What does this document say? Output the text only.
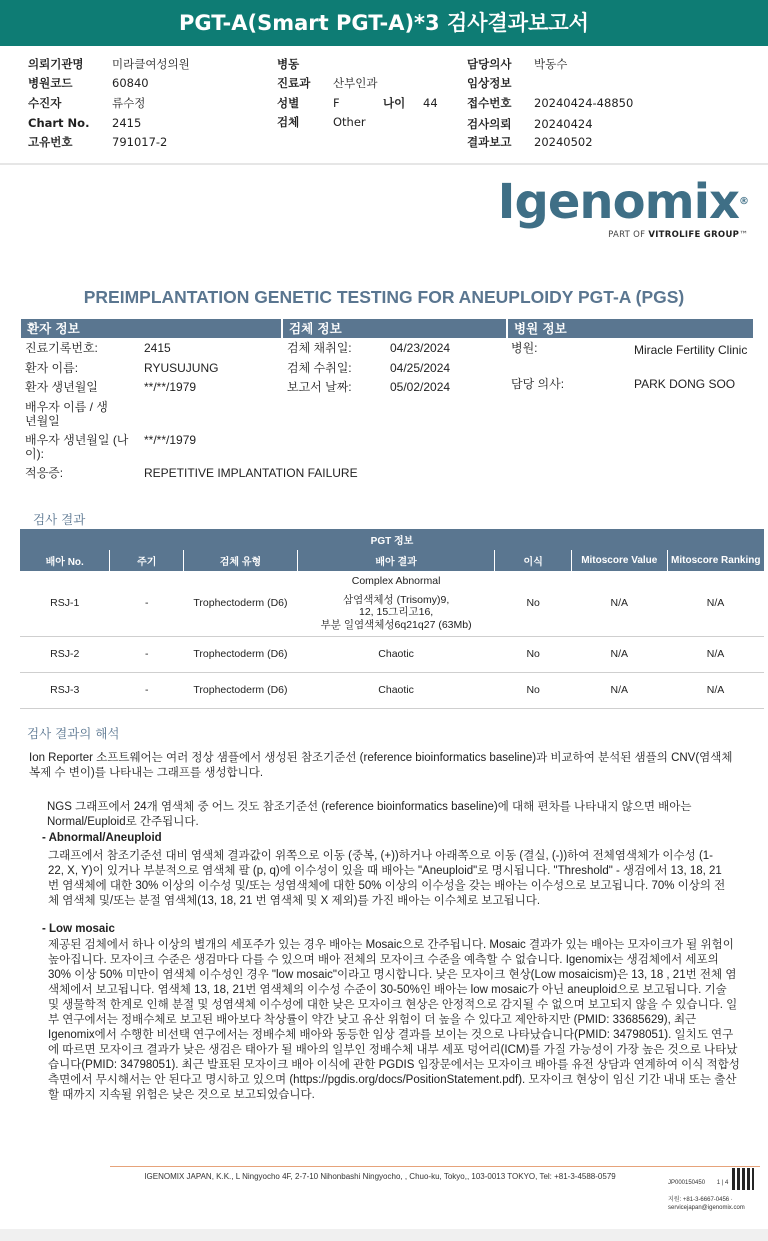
PGT-A(Smart PGT-A)*3 검사결과보고서
의뢰기관명 미라클여성의원
병원코드	60840
수진자	류수정
Chart No. 2415
고유번호	791017-2
병동
진료과 산부인과
성별	F	나이 44
검체	Other
담당의사 박동수
임상정보
접수번호 20240424-48850
검사의뢰 20240424
결과보고 20240502
Igenomix®
PART OF VITROLIFE GROUP™
PREIMPLANTATION GENETIC TESTING FOR ANEUPLOIDY PGT-A (PGS)
환자 정보	검체 정보	병원 정보
진료기록번호:	2415
환자 이름:	RYUSUJUNG
환자 생년월일	**/**/1979
배우자 이름 / 생년월일
배우자 생년월일 (나이):
**/**/1979
적응증:	REPETITIVE IMPLANTATION FAILURE
검체 채취일:	04/23/2024
검체 수취일:	04/25/2024
보고서 날짜:	05/02/2024
병원:	Miracle Fertility Clinic
담당 의사:	PARK DONG SOO
검사 결과
PGT 정보						
배아 No.	주기	검체 유형	배아 결과	이식	Mitoscore Value	Mitoscore Ranking
RSJ-1	-	Trophectoderm (D6)	Complex Abnormal
삼염색체성 (Trisomy)9, 12, 15그리고16,
부분 일염색체성6q21q27 (63Mb)	No	N/A	N/A
RSJ-2	-	Trophectoderm (D6)	Chaotic	No	N/A	N/A
RSJ-3	-	Trophectoderm (D6)	Chaotic	No	N/A	N/A
검사 결과의 해석
Ion Reporter 소프트웨어는 여러 정상 샘플에서 생성된 참조기준선 (reference bioinformatics baseline)과 비교하여 분석된 샘플의 CNV(염색체 복제 수 변이)를 나타내는 그래프를 생성합니다.
NGS 그래프에서 24개 염색체 중 어느 것도 참조기준선 (reference bioinformatics baseline)에 대해 편차를 나타내지 않으면 배아는 Normal/Euploid로 간주됩니다.
- Abnormal/Aneuploid
그래프에서 참조기준선 대비 염색체 결과값이 위쪽으로 이동 (중복, (+))하거나 아래쪽으로 이동 (결실, (-))하여 전체염색체가 이수성 (1-22, X, Y)이 있거나 부분적으로 염색체 팔 (p, q)에 이수성이 있을 때 배아는 "Aneuploid"로 명시됩니다. "Threshold" - 생검에서 13, 18, 21 번 염색체에 대한 30% 이상의 이수성 및/또는 성염색체에 대한 50% 이상의 이수성을 갖는 배아는 이수성으로 보고됩니다. 70% 이상의 전체 염색체 및/또는 분절 염색체(13, 18, 21 번 염색체 및 X 제외)를 가진 배아는 이수체로 보고됩니다.
- Low mosaic
제공된 검체에서 하나 이상의 별개의 세포주가 있는 경우 배아는 Mosaic으로 간주됩니다. Mosaic 결과가 있는 배아는 모자이크가 될 위험이 높아집니다. 모자이크 수준은 생검마다 다를 수 있으며 배아 전체의 모자이크 수준을 예측할 수 없습니다. Igenomix는 생검체에서 세포의 30% 이상 50% 미만이 염색체 이수성인 경우 "low mosaic"이라고 명시합니다. 낮은 모자이크 현상(Low mosaicism)은 13, 18 , 21번 전체 염색체에서 보고됩니다. 염색체 13, 18, 21번 염색체의 이수성 수준이 30-50%인 배아는 low mosaic가 아닌 aneuploid으로 보고됩니다. 기술 및 생물학적 한계로 인해 분절 및 성염색체 이수성에 대한 낮은 모자이크 현상은 안정적으로 감지될 수 없으며 보고되지 않을 수 있습니다. 일부 연구에서는 정배수체로 보고된 배아보다 착상률이 약간 낮고 유산 위험이 더 높을 수 있다고 제안하지만 (PMID: 33685629), 최근 Igenomix에서 수행한 비선택 연구에서는 정배수체 배아와 동등한 임상 결과를 보이는 것으로 나타났습니다(PMID: 34798051). 일치도 연구에 따르면 모자이크 결과가 낮은 생검은 태아가 될 배아의 일부인 정배수체 내부 세포 덩어리(ICM)를 가질 가능성이 가장 높은 것으로 나타났습니다(PMID: 34798051). 최근 발표된 모자이크 배아 이식에 관한 PGDIS 입장문에서는 모자이크 배아를 유전 상담과 연계하여 이식 적합성 측면에서 무시해서는 안 된다고 명시하고 있으며 (https://pgdis.org/docs/PositionStatement.pdf). 모자이크 현상이 임신 기간 내내 또는 출산할 때까지 지속될 위험은 낮은 것으로 보고되었습니다.
IGENOMIX JAPAN, K.K., L Ningyocho 4F, 2-7-10 Nihonbashi Ningyocho, , Chuo-ku, Tokyo,, 103-0013 TOKYO, Tel: +81-3-4588-0579
JP000150450 1 | 4
지원: +81-3-6667-0456 ·
servicejapan@igenomix.com
